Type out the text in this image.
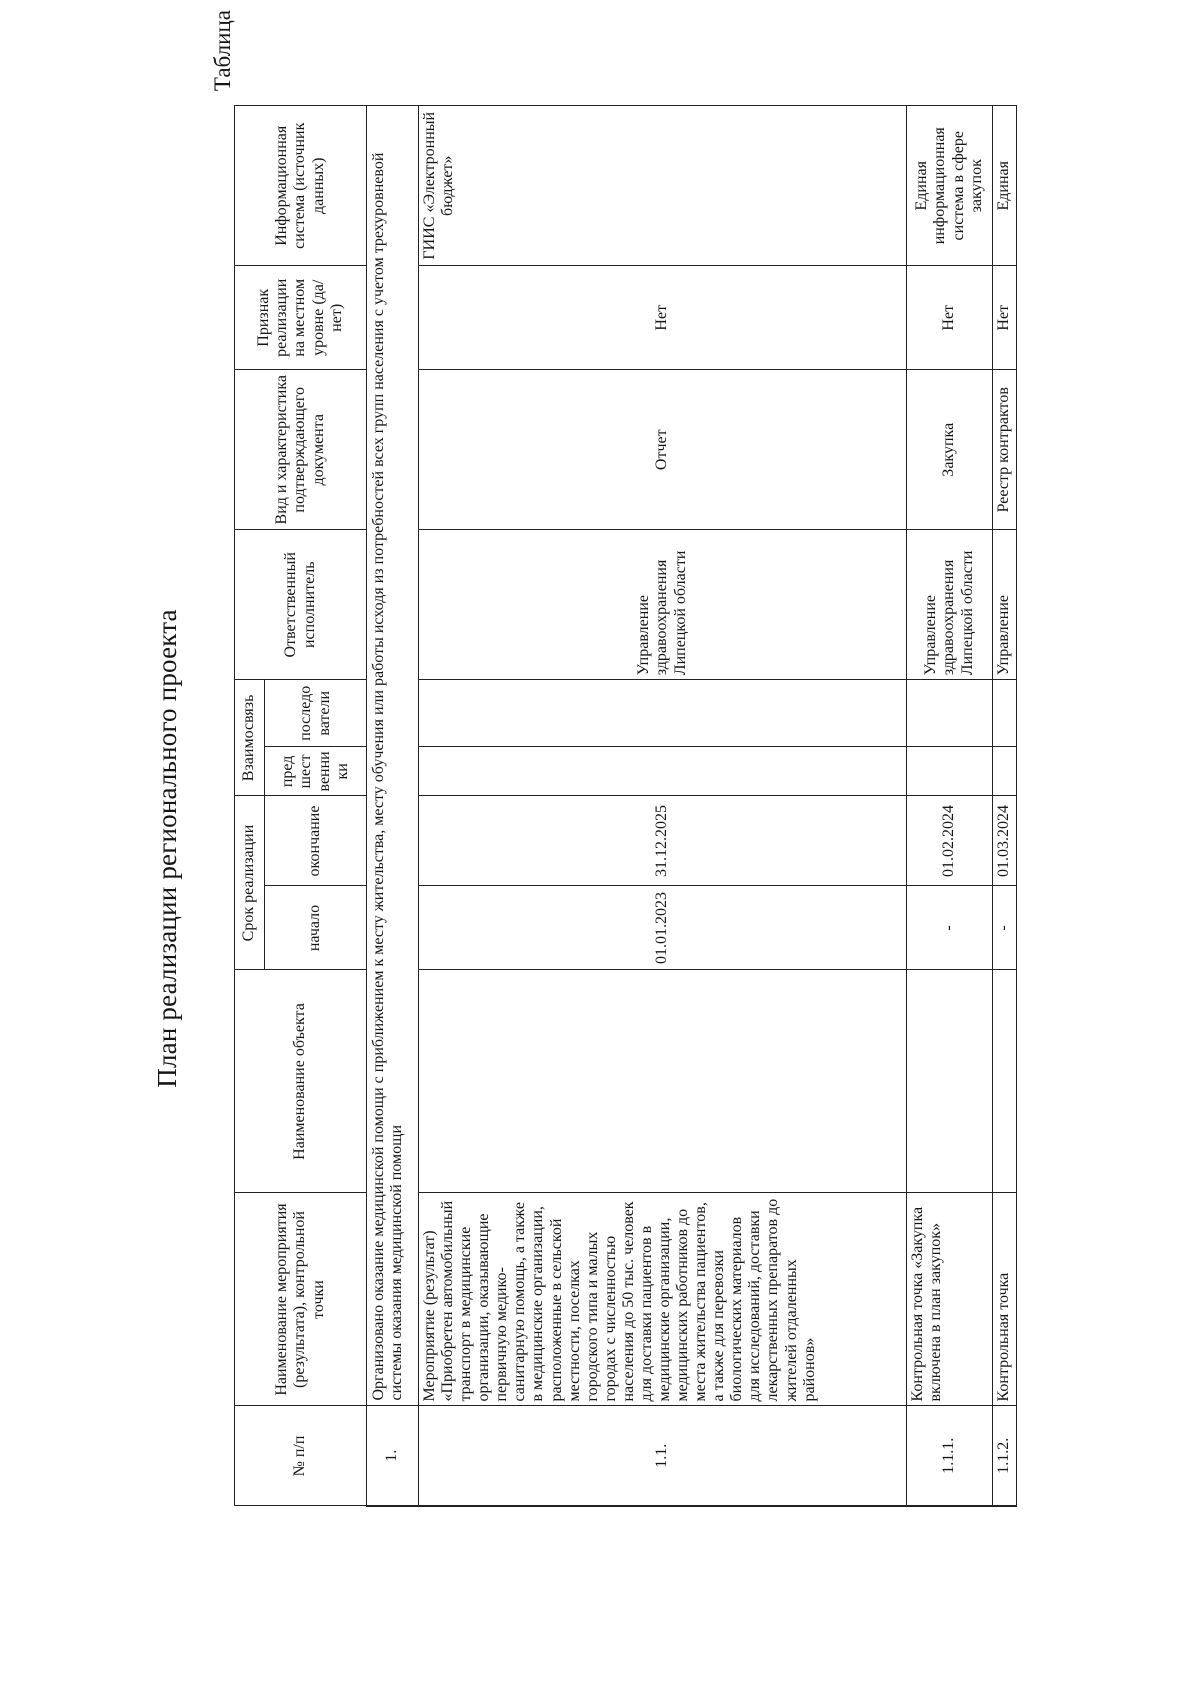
План реализации регионального проекта
Таблица
№ п/п	Наименование мероприятия (результата), контрольной точки	Наименование объекта	Срок реализации		Взаимосвязь		Ответственный исполнитель	Вид и характеристика подтверждающего документа	Признак реализации на местном уровне (да/нет)	Информационная система (источник данных)
			начало	окончание	пред шест венни ки	последо ватели				
1.	Организовано оказание медицинской помощи с приближением к месту жительства, месту обучения или работы исходя из потребностей всех групп населения с учетом трехуровневой системы оказания медицинской помощи									
1.1.	Мероприятие (результат) «Приобретен автомобильный транспорт в медицинские организации, оказывающие первичную медико-санитарную помощь, а также в медицинские организации, расположенные в сельской местности, поселках городского типа и малых городах с численностью населения до 50 тыс. человек для доставки пациентов в медицинские организации, медицинских работников до места жительства пациентов, а также для перевозки биологических материалов для исследований, доставки лекарственных препаратов до жителей отдаленных районов»		01.01.2023	31.12.2025			Управление здравоохранения Липецкой области	Отчет	Нет	ГИИС «Электронный бюджет»
1.1.1.	Контрольная точка «Закупка включена в план закупок»		-	01.02.2024			Управление здравоохранения Липецкой области	Закупка	Нет	Единая информационная система в сфере закупок
1.1.2.	Контрольная точка		-	01.03.2024			Управление	Реестр контрактов	Нет	Единая
